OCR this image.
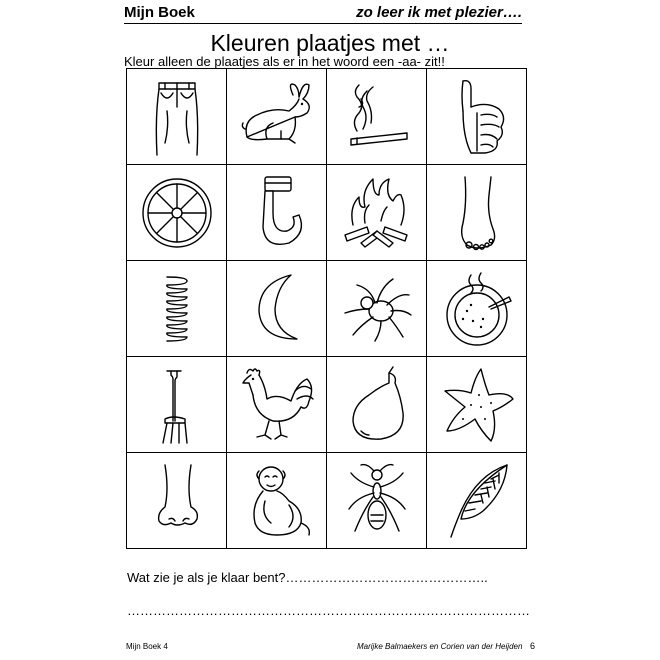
Mijn Boek	zo leer ik met plezier….
Kleuren plaatjes met …
Kleur alleen de plaatjes als er in het woord een -aa- zit!!
Wat zie je als je klaar bent?………………………………………..
…………………………………………………………………………………
Mijn Boek 4	Marijke Balmaekers en Corien van der Heijden 6
